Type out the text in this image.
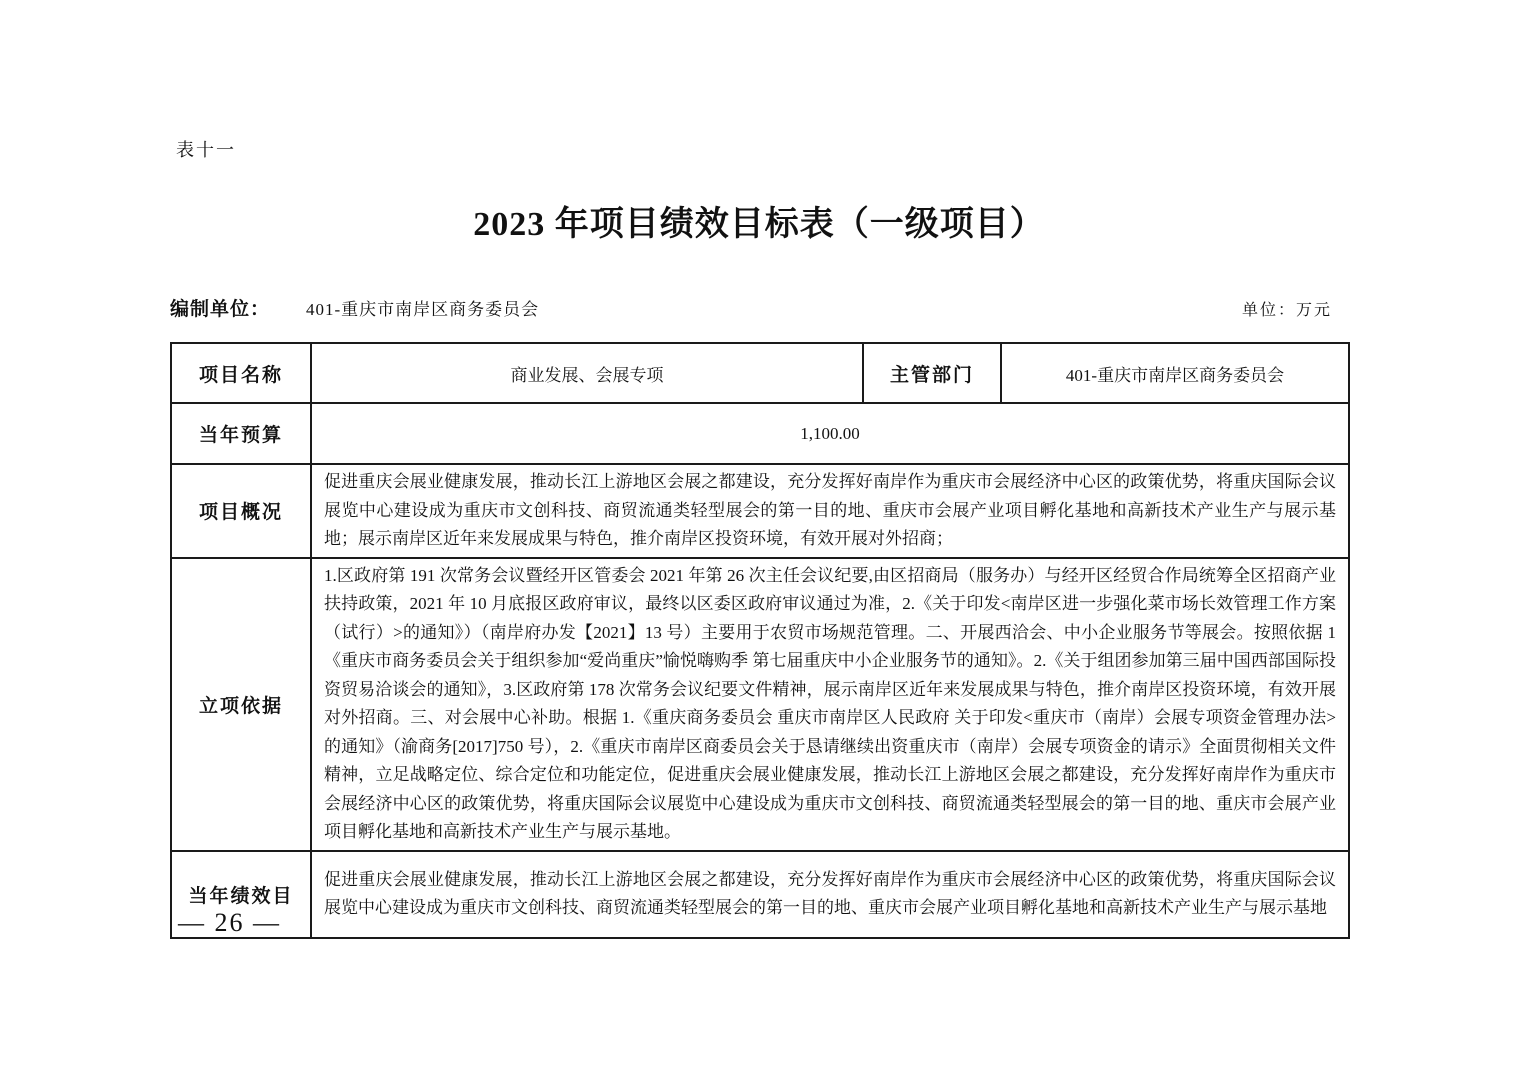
表十一
2023 年项目绩效目标表（一级项目）
编制单位： 401-重庆市南岸区商务委员会	单位：万元
项目名称	商业发展、会展专项	主管部门	401-重庆市南岸区商务委员会
当年预算	1,100.00		
项目概况	促进重庆会展业健康发展，推动长江上游地区会展之都建设，充分发挥好南岸作为重庆市会展经济中心区的政策优势，将重庆国际会议展览中心建设成为重庆市文创科技、商贸流通类轻型展会的第一目的地、重庆市会展产业项目孵化基地和高新技术产业生产与展示基地；展示南岸区近年来发展成果与特色，推介南岸区投资环境，有效开展对外招商；		
立项依据	1.区政府第 191 次常务会议暨经开区管委会 2021 年第 26 次主任会议纪要,由区招商局（服务办）与经开区经贸合作局统筹全区招商产业扶持政策，2021 年 10 月底报区政府审议，最终以区委区政府审议通过为准，2.《关于印发<南岸区进一步强化菜市场长效管理工作方案（试行）>的通知》）（南岸府办发【2021】13 号）主要用于农贸市场规范管理。二、开展西洽会、中小企业服务节等展会。按照依据 1《重庆市商务委员会关于组织参加“爱尚重庆”愉悦嗨购季 第七届重庆中小企业服务节的通知》。2.《关于组团参加第三届中国西部国际投资贸易洽谈会的通知》，3.区政府第 178 次常务会议纪要文件精神，展示南岸区近年来发展成果与特色，推介南岸区投资环境，有效开展对外招商。三、对会展中心补助。根据 1.《重庆商务委员会 重庆市南岸区人民政府 关于印发<重庆市（南岸）会展专项资金管理办法>的通知》（渝商务[2017]750 号），2.《重庆市南岸区商委员会关于恳请继续出资重庆市（南岸）会展专项资金的请示》全面贯彻相关文件精神，立足战略定位、综合定位和功能定位，促进重庆会展业健康发展，推动长江上游地区会展之都建设，充分发挥好南岸作为重庆市会展经济中心区的政策优势，将重庆国际会议展览中心建设成为重庆市文创科技、商贸流通类轻型展会的第一目的地、重庆市会展产业项目孵化基地和高新技术产业生产与展示基地。		
当年绩效目	促进重庆会展业健康发展，推动长江上游地区会展之都建设，充分发挥好南岸作为重庆市会展经济中心区的政策优势，将重庆国际会议展览中心建设成为重庆市文创科技、商贸流通类轻型展会的第一目的地、重庆市会展产业项目孵化基地和高新技术产业生产与展示基地		
— 26 —
